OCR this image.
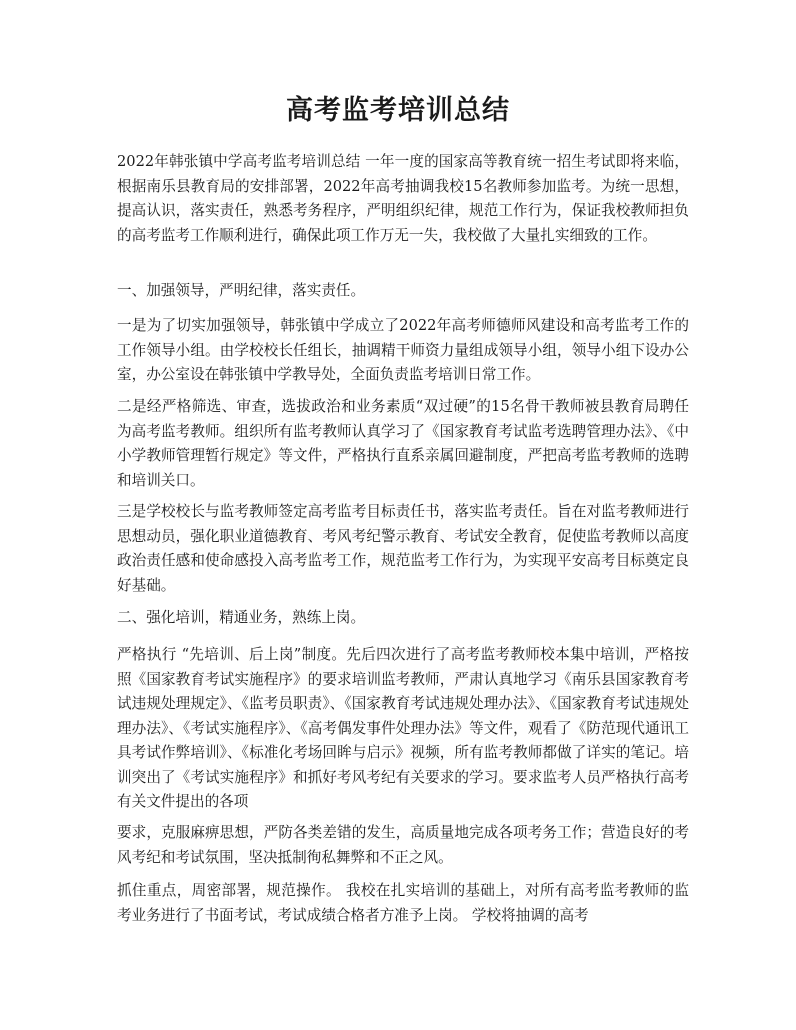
高考监考培训总结

2022年韩张镇中学高考监考培训总结 一年一度的国家高等教育统一招生考试即将来临，根据南乐县教育局的安排部署，2022年高考抽调我校15名教师参加监考。为统一思想，提高认识，落实责任，熟悉考务程序，严明组织纪律，规范工作行为，保证我校教师担负的高考监考工作顺利进行，确保此项工作万无一失，我校做了大量扎实细致的工作。

一、加强领导，严明纪律，落实责任。

一是为了切实加强领导，韩张镇中学成立了2022年高考师德师风建设和高考监考工作的工作领导小组。由学校校长任组长，抽调精干师资力量组成领导小组，领导小组下设办公室，办公室设在韩张镇中学教导处，全面负责监考培训日常工作。

二是经严格筛选、审查，选拔政治和业务素质“双过硬”的15名骨干教师被县教育局聘任为高考监考教师。组织所有监考教师认真学习了《国家教育考试监考选聘管理办法》、《中小学教师管理暂行规定》等文件，严格执行直系亲属回避制度，严把高考监考教师的选聘和培训关口。

三是学校校长与监考教师签定高考监考目标责任书，落实监考责任。旨在对监考教师进行思想动员，强化职业道德教育、考风考纪警示教育、考试安全教育，促使监考教师以高度政治责任感和使命感投入高考监考工作，规范监考工作行为，为实现平安高考目标奠定良好基础。

二、强化培训，精通业务，熟练上岗。

严格执行 “先培训、后上岗”制度。先后四次进行了高考监考教师校本集中培训，严格按照《国家教育考试实施程序》的要求培训监考教师，严肃认真地学习《南乐县国家教育考试违规处理规定》、《监考员职责》、《国家教育考试违规处理办法》、《国家教育考试违规处理办法》、《考试实施程序》、《高考偶发事件处理办法》等文件，观看了《防范现代通讯工具考试作弊培训》、《标准化考场回眸与启示》视频，所有监考教师都做了详实的笔记。培训突出了《考试实施程序》和抓好考风考纪有关要求的学习。要求监考人员严格执行高考有关文件提出的各项

要求，克服麻痹思想，严防各类差错的发生，高质量地完成各项考务工作；营造良好的考风考纪和考试氛围，坚决抵制徇私舞弊和不正之风。

抓住重点，周密部署，规范操作。 我校在扎实培训的基础上，对所有高考监考教师的监考业务进行了书面考试，考试成绩合格者方准予上岗。 学校将抽调的高考
